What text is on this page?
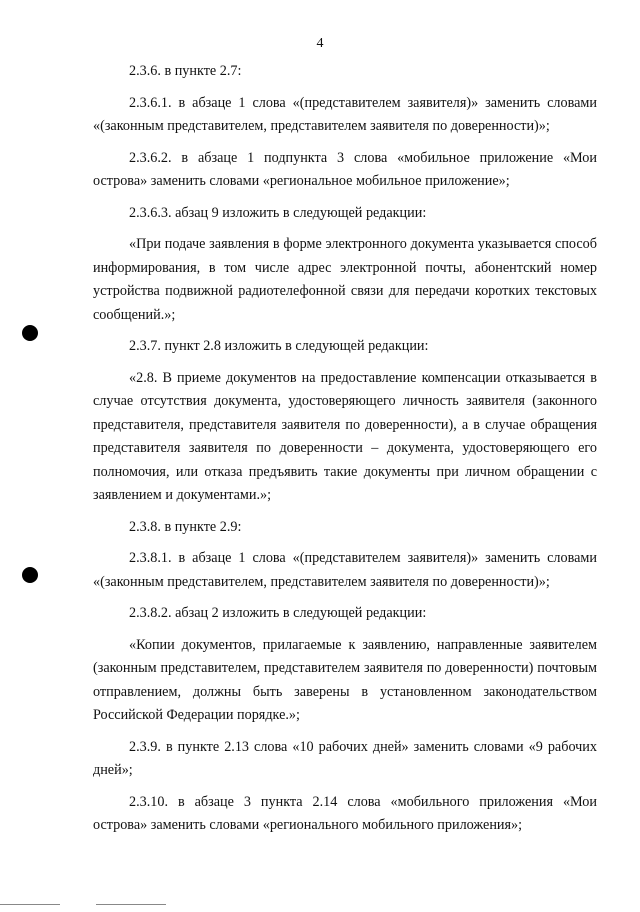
4

2.3.6. в пункте 2.7:

2.3.6.1. в абзаце 1 слова «(представителем заявителя)» заменить словами «(законным представителем, представителем заявителя по доверенности)»;

2.3.6.2. в абзаце 1 подпункта 3 слова «мобильное приложение «Мои острова» заменить словами «региональное мобильное приложение»;

2.3.6.3. абзац 9 изложить в следующей редакции:

«При подаче заявления в форме электронного документа указывается способ информирования, в том числе адрес электронной почты, абонентский номер устройства подвижной радиотелефонной связи для передачи коротких текстовых сообщений.»;

2.3.7. пункт 2.8 изложить в следующей редакции:

«2.8. В приеме документов на предоставление компенсации отказывается в случае отсутствия документа, удостоверяющего личность заявителя (законного представителя, представителя заявителя по доверенности), а в случае обращения представителя заявителя по доверенности – документа, удостоверяющего его полномочия, или отказа предъявить такие документы при личном обращении с заявлением и документами.»;

2.3.8. в пункте 2.9:

2.3.8.1. в абзаце 1 слова «(представителем заявителя)» заменить словами «(законным представителем, представителем заявителя по доверенности)»;

2.3.8.2. абзац 2 изложить в следующей редакции:

«Копии документов, прилагаемые к заявлению, направленные заявителем (законным представителем, представителем заявителя по доверенности) почтовым отправлением, должны быть заверены в установленном законодательством Российской Федерации порядке.»;

2.3.9. в пункте 2.13 слова «10 рабочих дней» заменить словами «9 рабочих дней»;

2.3.10. в абзаце 3 пункта 2.14 слова «мобильного приложения «Мои острова» заменить словами «регионального мобильного приложения»;
